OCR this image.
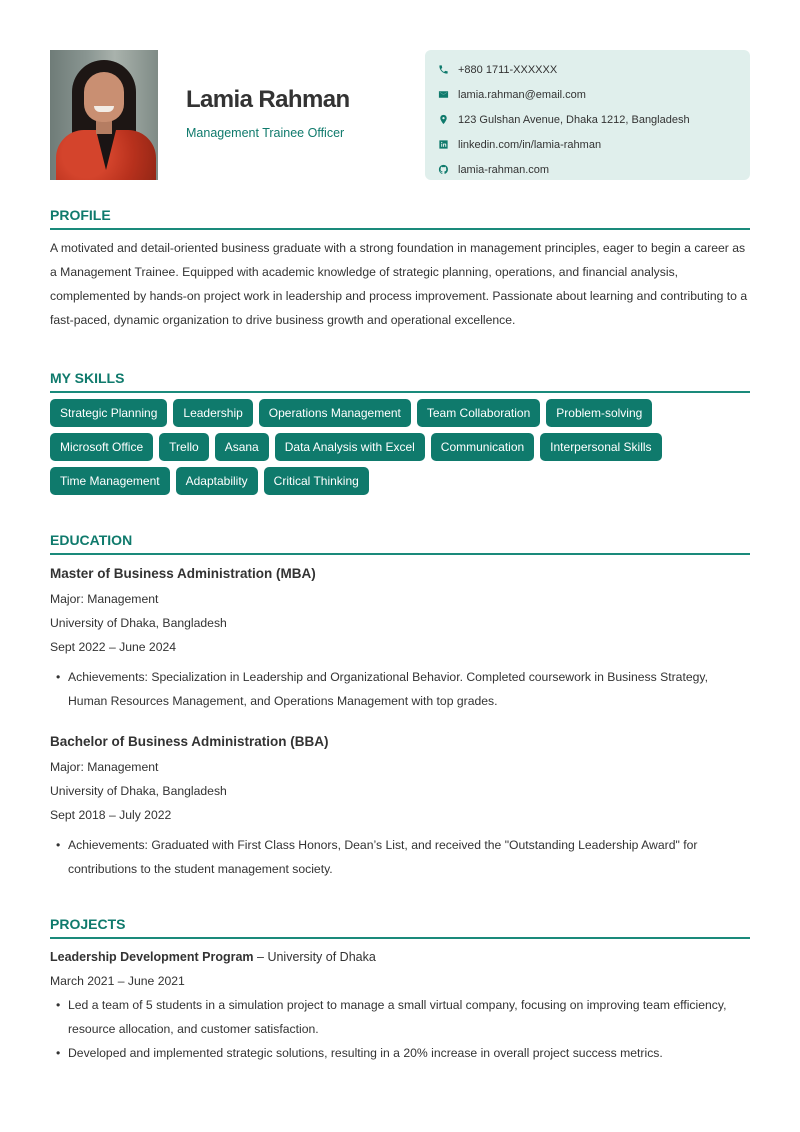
Lamia Rahman
Management Trainee Officer
+880 1711-XXXXXX
lamia.rahman@email.com
123 Gulshan Avenue, Dhaka 1212, Bangladesh
linkedin.com/in/lamia-rahman
lamia-rahman.com
PROFILE

A motivated and detail-oriented business graduate with a strong foundation in management principles, eager to begin a career as a Management Trainee. Equipped with academic knowledge of strategic planning, operations, and financial analysis, complemented by hands-on project work in leadership and process improvement. Passionate about learning and contributing to a fast-paced, dynamic organization to drive business growth and operational excellence.

MY SKILLS
Strategic Planning	Leadership	Operations Management	Team Collaboration	Problem-solving
Microsoft Office	Trello	Asana	Data Analysis with Excel	Communication	Interpersonal Skills
Time Management	Adaptability	Critical Thinking
EDUCATION
Master of Business Administration (MBA)
Major: Management
University of Dhaka, Bangladesh
Sept 2022 – June 2024
• Achievements: Specialization in Leadership and Organizational Behavior. Completed coursework in Business Strategy, Human Resources Management, and Operations Management with top grades.
Bachelor of Business Administration (BBA)
Major: Management
University of Dhaka, Bangladesh
Sept 2018 – July 2022
• Achievements: Graduated with First Class Honors, Dean’s List, and received the "Outstanding Leadership Award" for contributions to the student management society.
PROJECTS
Leadership Development Program – University of Dhaka
March 2021 – June 2021
• Led a team of 5 students in a simulation project to manage a small virtual company, focusing on improving team efficiency, resource allocation, and customer satisfaction.
• Developed and implemented strategic solutions, resulting in a 20% increase in overall project success metrics.
